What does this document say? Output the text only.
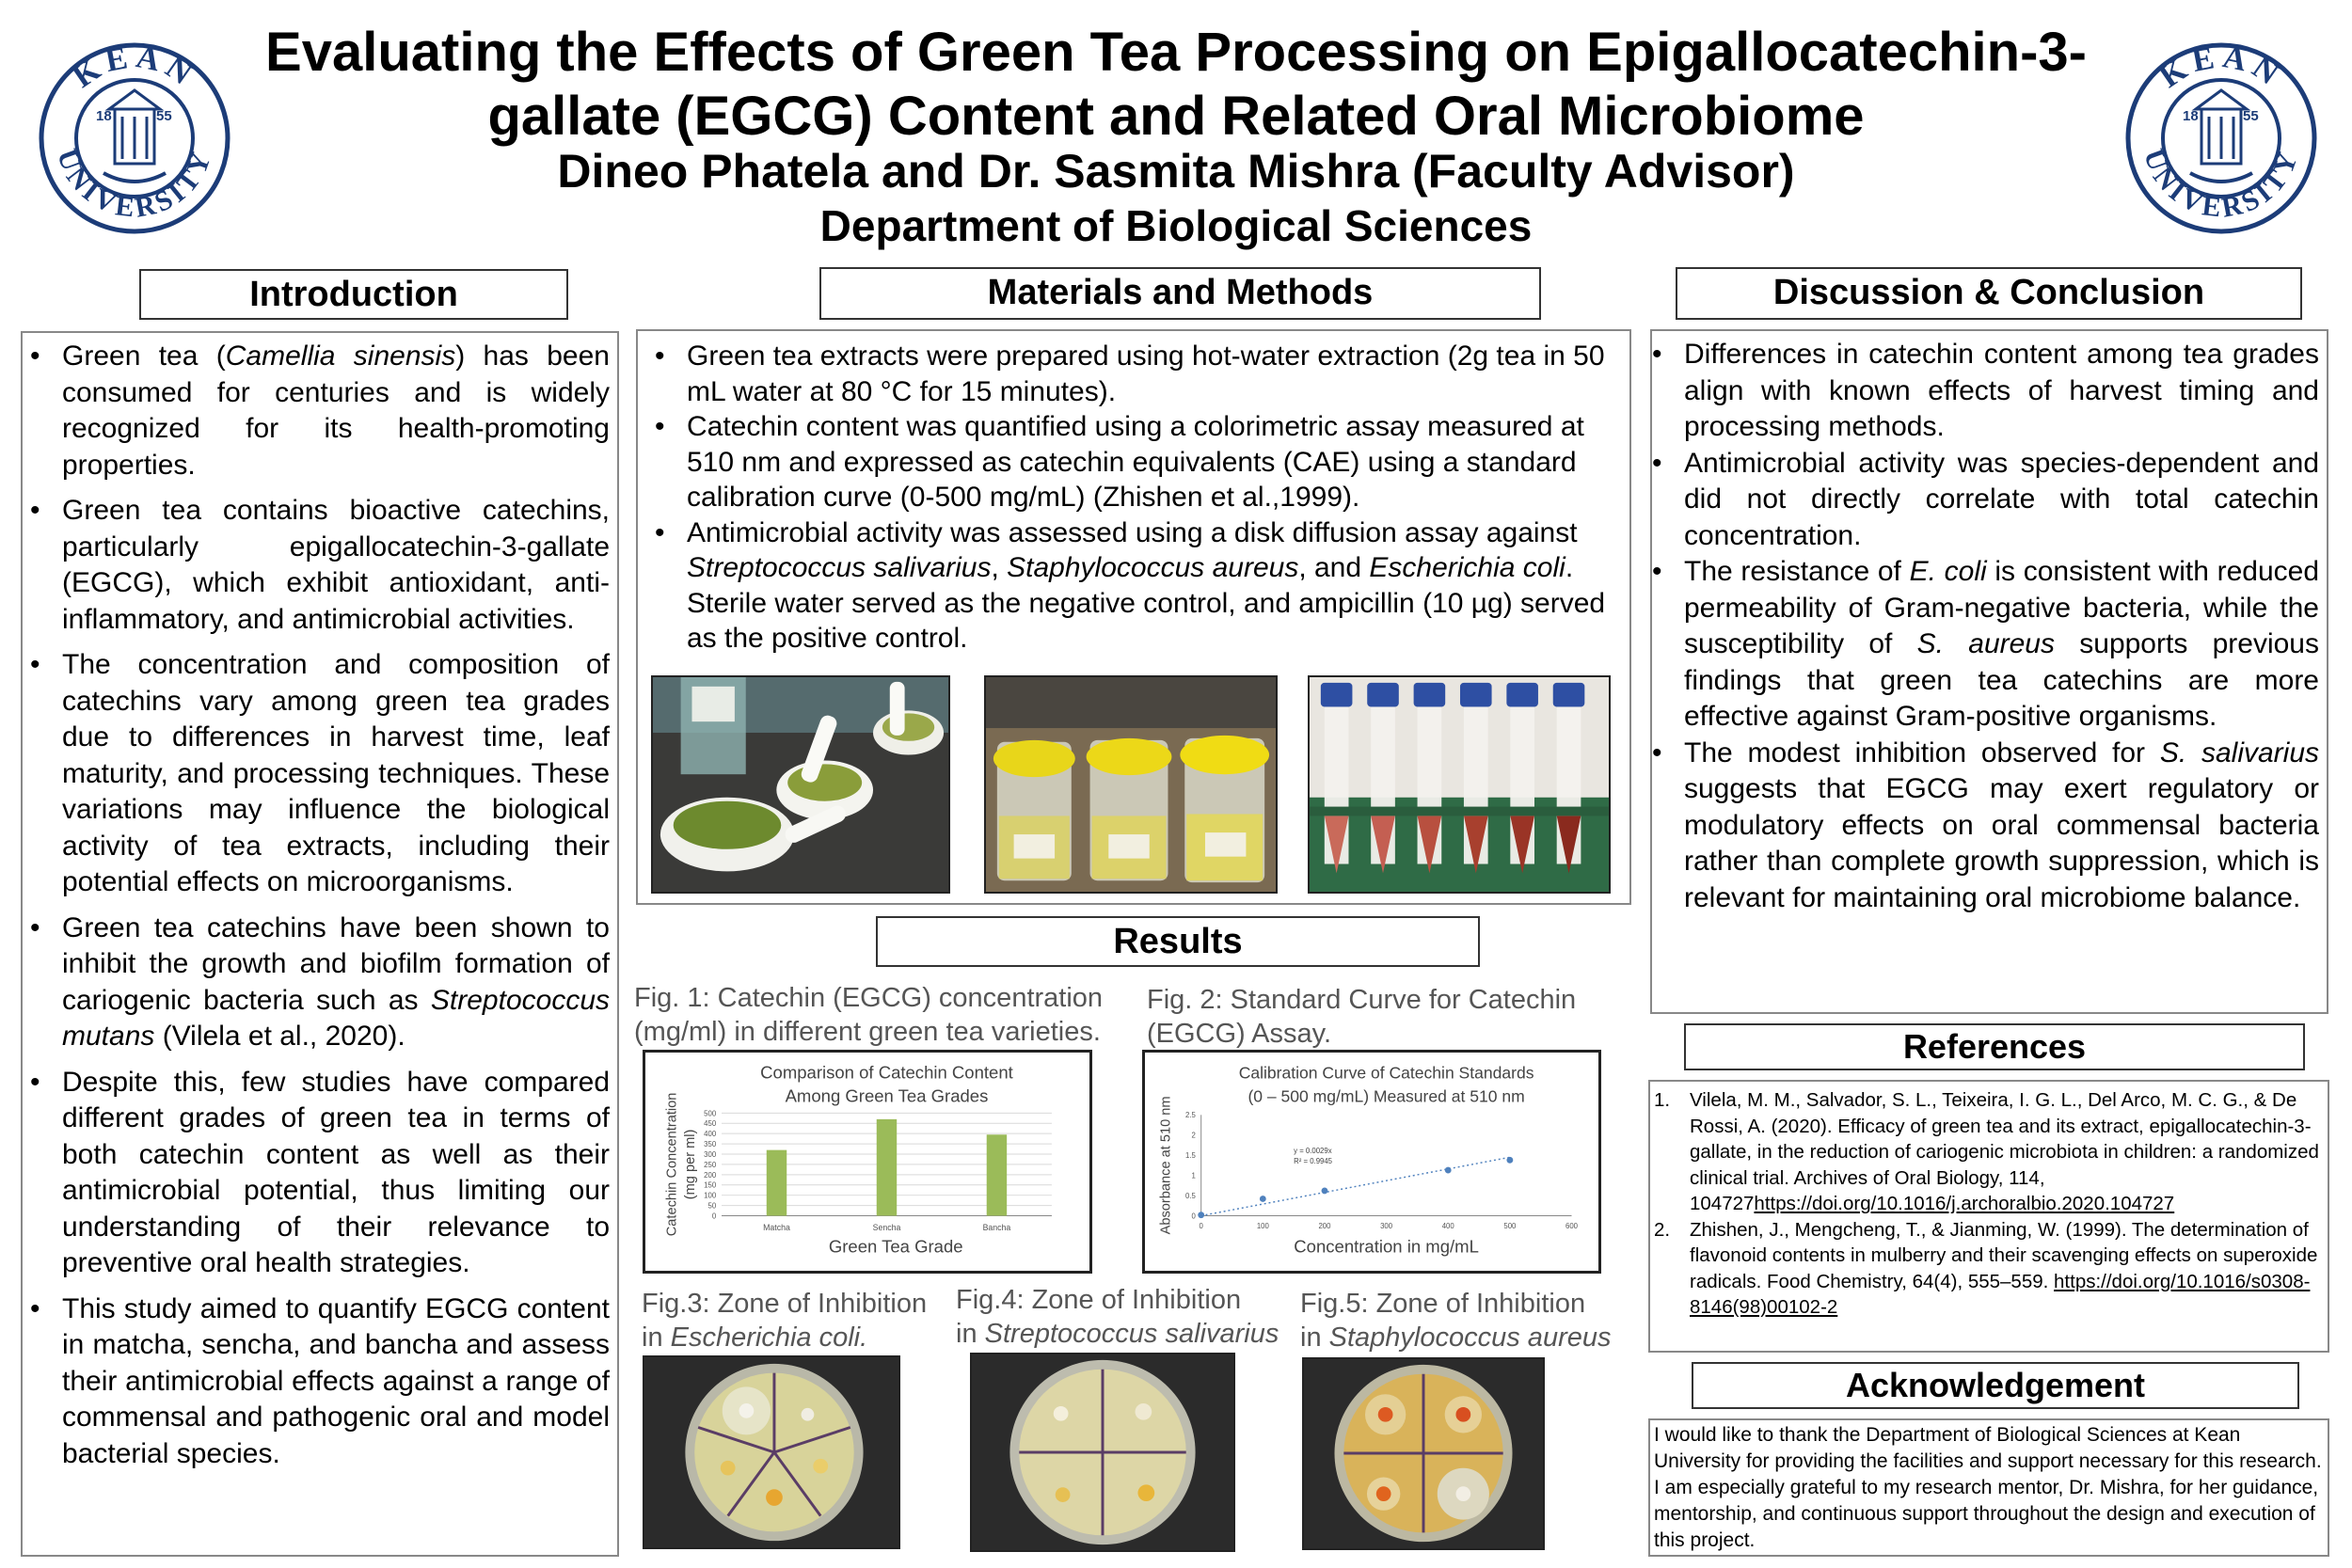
KEAN
UNIVERSITY
18	55
KEAN
UNIVERSITY
18	55
Evaluating the Effects of Green Tea Processing on Epigallocatechin-3-gallate (EGCG) Content and Related Oral Microbiome
Dineo Phatela and Dr. Sasmita Mishra (Faculty Advisor)
Department of Biological Sciences
Introduction
• Green tea (Camellia sinensis) has been consumed for centuries and is widely recognized for its health-promoting properties.
• Green tea contains bioactive catechins, particularly epigallocatechin-3-gallate (EGCG), which exhibit antioxidant, anti-inflammatory, and antimicrobial activities.
• The concentration and composition of catechins vary among green tea grades due to differences in harvest time, leaf maturity, and processing techniques. These variations may influence the biological activity of tea extracts, including their potential effects on microorganisms.
• Green tea catechins have been shown to inhibit the growth and biofilm formation of cariogenic bacteria such as Streptococcus mutans (Vilela et al., 2020).
• Despite this, few studies have compared different grades of green tea in terms of both catechin content as well as their antimicrobial potential, thus limiting our understanding of their relevance to preventive oral health strategies.
• This study aimed to quantify EGCG content in matcha, sencha, and bancha and assess their antimicrobial effects against a range of commensal and pathogenic oral and model bacterial species.
Materials and Methods
• Green tea extracts were prepared using hot-water extraction (2g tea in 50 mL water at 80 °C for 15 minutes).
• Catechin content was quantified using a colorimetric assay measured at 510 nm and expressed as catechin equivalents (CAE) using a standard calibration curve (0-500 mg/mL) (Zhishen et al.,1999).
• Antimicrobial activity was assessed using a disk diffusion assay against Streptococcus salivarius, Staphylococcus aureus, and Escherichia coli. Sterile water served as the negative control, and ampicillin (10 µg) served as the positive control.
Results
Fig. 1: Catechin (EGCG) concentration (mg/ml) in different green tea varieties.
Fig. 2: Standard Curve for Catechin (EGCG) Assay.
Comparison of Catechin Content
Among Green Tea Grades
Catechin Concentration (mg per ml)
0
50
100
150
200
250
300
350
400
450
500
Matcha	Sencha	Bancha
Green Tea Grade
Calibration Curve of Catechin Standards
(0 – 500 mg/mL) Measured at 510 nm
Absorbance at 510 nm 0
0.5
1
1.5
2
2.5
0	100	200	300	400	500	600
y = 0.0029x
R² = 0.9945
Concentration in mg/mL
Fig.3: Zone of Inhibition
in Escherichia coli.
Fig.4: Zone of Inhibition
in Streptococcus salivarius
Fig.5: Zone of Inhibition
in Staphylococcus aureus
Discussion & Conclusion
• Differences in catechin content among tea grades align with known effects of harvest timing and processing methods.
• Antimicrobial activity was species-dependent and did not directly correlate with total catechin concentration.
• The resistance of E. coli is consistent with reduced permeability of Gram-negative bacteria, while the susceptibility of S. aureus supports previous findings that green tea catechins are more effective against Gram-positive organisms.
• The modest inhibition observed for S. salivarius suggests that EGCG may exert regulatory or modulatory effects on oral commensal bacteria rather than complete growth suppression, which is relevant for maintaining oral microbiome balance.
References
1. Vilela, M. M., Salvador, S. L., Teixeira, I. G. L., Del Arco, M. C. G., & De Rossi, A. (2020). Efficacy of green tea and its extract, epigallocatechin-3-gallate, in the reduction of cariogenic microbiota in children: a randomized clinical trial. Archives of Oral Biology, 114, 104727https://doi.org/10.1016/j.archoralbio.2020.104727
2. Zhishen, J., Mengcheng, T., & Jianming, W. (1999). The determination of flavonoid contents in mulberry and their scavenging effects on superoxide radicals. Food Chemistry, 64(4), 555–559. https://doi.org/10.1016/s0308-8146(98)00102-2
Acknowledgement
I would like to thank the Department of Biological Sciences at Kean University for providing the facilities and support necessary for this research. I am especially grateful to my research mentor, Dr. Mishra, for her guidance, mentorship, and continuous support throughout the design and execution of this project.
